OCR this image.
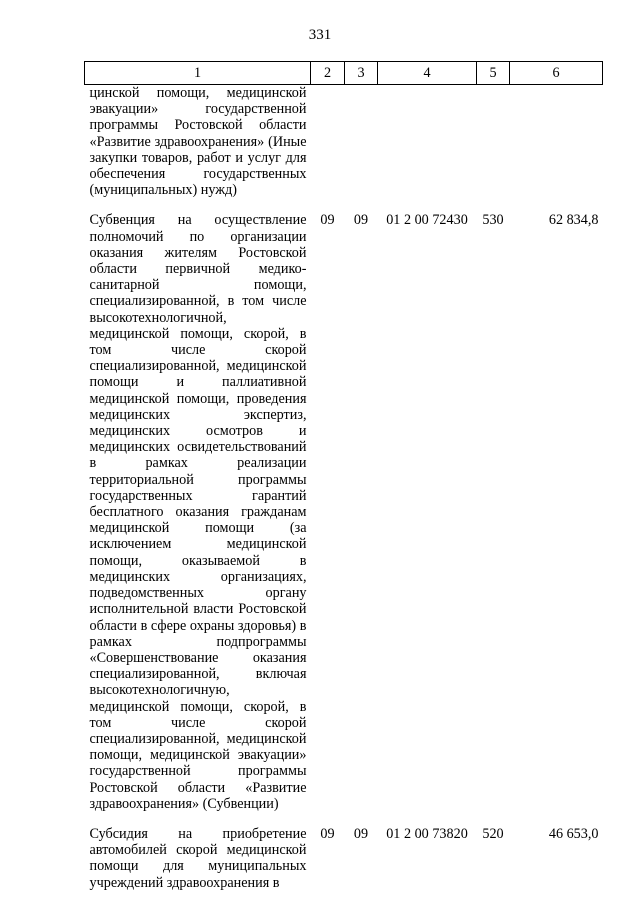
331
1	2	3	4	5	6
цинской помощи, медицинской эвакуации» государственной программы Ростовской области «Развитие здравоохранения» (Иные закупки товаров, работ и услуг для обеспечения государственных (муниципальных) нужд)					
Субвенция на осуществление полномочий по организации оказания жителям Ростовской области первичной медико-санитарной помощи, специализированной, в том числе высокотехнологичной, медицинской помощи, скорой, в том числе скорой специализированной, медицинской помощи и паллиативной медицинской помощи, проведения медицинских экспертиз, медицинских осмотров и медицинских освидетельствований в рамках реализации территориальной программы государственных гарантий бесплатного оказания гражданам медицинской помощи (за исключением медицинской помощи, оказываемой в медицинских организациях, подведомственных органу исполнительной власти Ростовской области в сфере охраны здоровья) в рамках подпрограммы «Совершенствование оказания специализированной, включая высокотехнологичную, медицинской помощи, скорой, в том числе скорой специализированной, медицинской помощи, медицинской эвакуации» государственной программы Ростовской области «Развитие здравоохранения» (Субвенции)	09	09	01 2 00 72430	530	62 834,8
Субсидия на приобретение автомобилей скорой медицинской помощи для муниципальных учреждений здравоохранения в	09	09	01 2 00 73820	520	46 653,0
